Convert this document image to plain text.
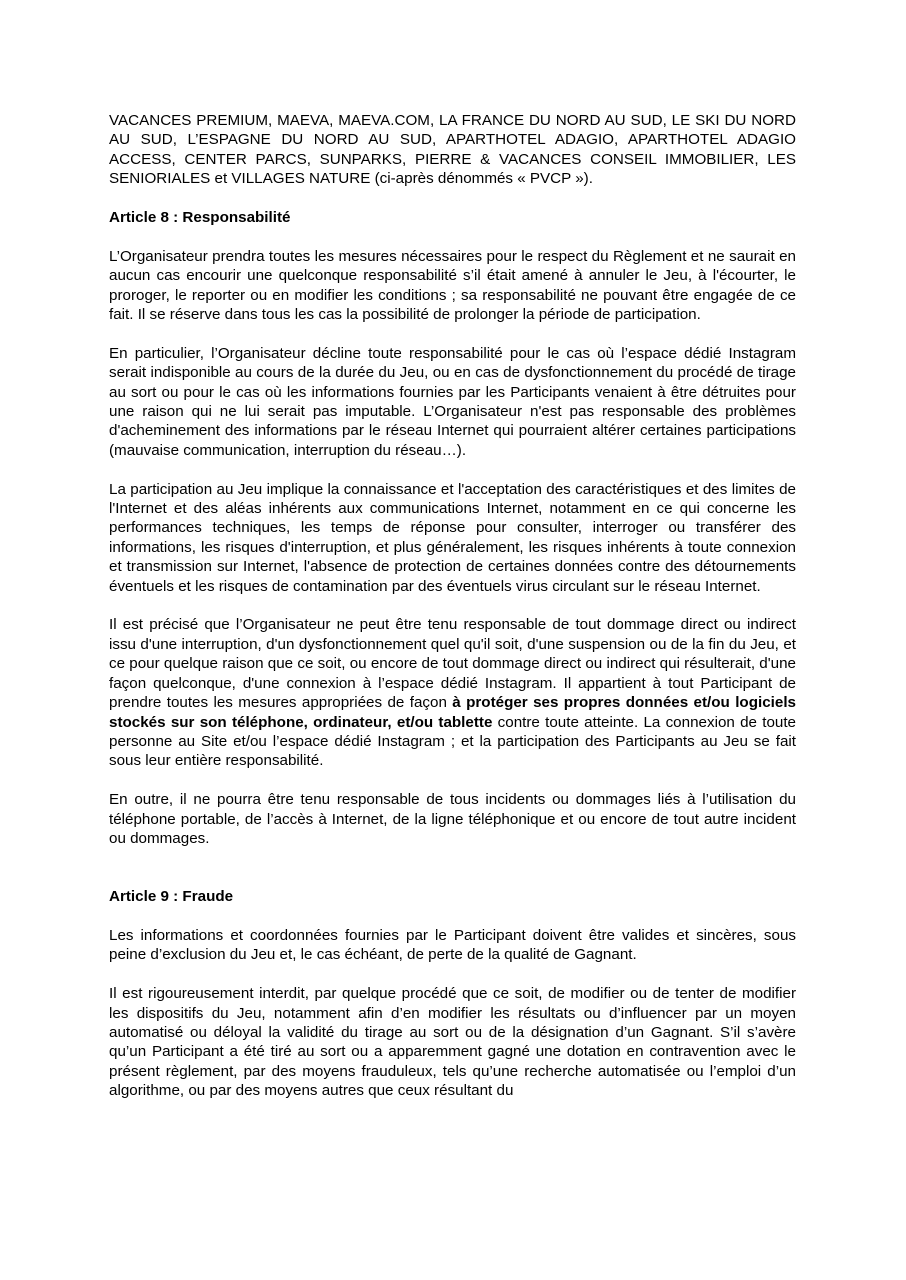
VACANCES PREMIUM, MAEVA, MAEVA.COM, LA FRANCE DU NORD AU SUD, LE SKI DU NORD AU SUD, L’ESPAGNE DU NORD AU SUD, APARTHOTEL ADAGIO, APARTHOTEL ADAGIO ACCESS, CENTER PARCS, SUNPARKS, PIERRE & VACANCES CONSEIL IMMOBILIER, LES SENIORIALES et VILLAGES NATURE (ci-après dénommés « PVCP »).

Article 8 : Responsabilité

L’Organisateur prendra toutes les mesures nécessaires pour le respect du Règlement et ne saurait en aucun cas encourir une quelconque responsabilité s’il était amené à annuler le Jeu, à l'écourter, le proroger, le reporter ou en modifier les conditions ; sa responsabilité ne pouvant être engagée de ce fait. Il se réserve dans tous les cas la possibilité de prolonger la période de participation.

En particulier, l’Organisateur décline toute responsabilité pour le cas où l’espace dédié Instagram serait indisponible au cours de la durée du Jeu, ou en cas de dysfonctionnement du procédé de tirage au sort ou pour le cas où les informations fournies par les Participants venaient à être détruites pour une raison qui ne lui serait pas imputable. L’Organisateur n'est pas responsable des problèmes d'acheminement des informations par le réseau Internet qui pourraient altérer certaines participations (mauvaise communication, interruption du réseau…).

La participation au Jeu implique la connaissance et l'acceptation des caractéristiques et des limites de l'Internet et des aléas inhérents aux communications Internet, notamment en ce qui concerne les performances techniques, les temps de réponse pour consulter, interroger ou transférer des informations, les risques d'interruption, et plus généralement, les risques inhérents à toute connexion et transmission sur Internet, l'absence de protection de certaines données contre des détournements éventuels et les risques de contamination par des éventuels virus circulant sur le réseau Internet.

Il est précisé que l’Organisateur ne peut être tenu responsable de tout dommage direct ou indirect issu d'une interruption, d'un dysfonctionnement quel qu'il soit, d'une suspension ou de la fin du Jeu, et ce pour quelque raison que ce soit, ou encore de tout dommage direct ou indirect qui résulterait, d'une façon quelconque, d'une connexion à l’espace dédié Instagram. Il appartient à tout Participant de prendre toutes les mesures appropriées de façon à protéger ses propres données et/ou logiciels stockés sur son téléphone, ordinateur, et/ou tablette contre toute atteinte. La connexion de toute personne au Site et/ou l’espace dédié Instagram ; et la participation des Participants au Jeu se fait sous leur entière responsabilité.

En outre, il ne pourra être tenu responsable de tous incidents ou dommages liés à l’utilisation du téléphone portable, de l’accès à Internet, de la ligne téléphonique et ou encore de tout autre incident ou dommages.

Article 9 : Fraude

Les informations et coordonnées fournies par le Participant doivent être valides et sincères, sous peine d’exclusion du Jeu et, le cas échéant, de perte de la qualité de Gagnant.

Il est rigoureusement interdit, par quelque procédé que ce soit, de modifier ou de tenter de modifier les dispositifs du Jeu, notamment afin d’en modifier les résultats ou d’influencer par un moyen automatisé ou déloyal la validité du tirage au sort ou de la désignation d’un Gagnant. S’il s’avère qu’un Participant a été tiré au sort ou a apparemment gagné une dotation en contravention avec le présent règlement, par des moyens frauduleux, tels qu’une recherche automatisée ou l’emploi d’un algorithme, ou par des moyens autres que ceux résultant du
